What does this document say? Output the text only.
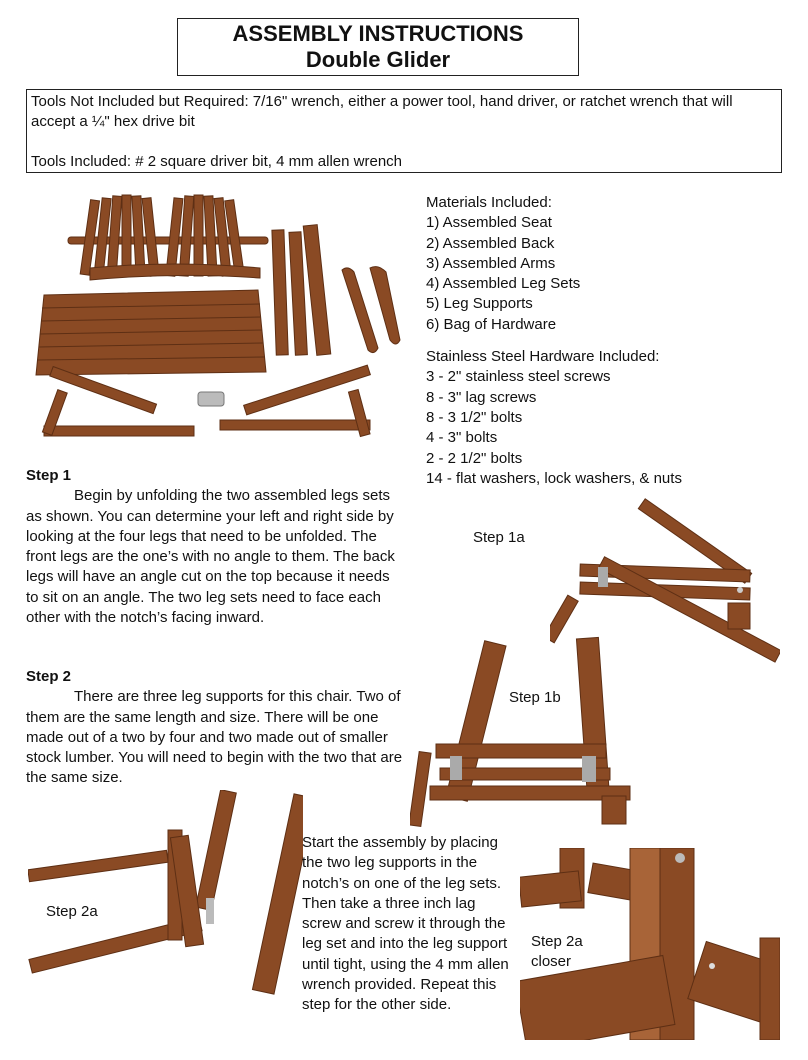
ASSEMBLY INSTRUCTIONS
Double Glider

Tools Not Included but Required: 7/16" wrench, either a power tool, hand driver, or ratchet wrench that will accept a ¼" hex drive bit

Tools Included: # 2 square driver bit, 4 mm allen wrench

Materials Included:
1) Assembled Seat
2) Assembled Back
3) Assembled Arms
4) Assembled Leg Sets
5) Leg Supports
6) Bag of Hardware
Stainless Steel Hardware Included:
3 - 2" stainless steel screws
8 - 3" lag screws
8 - 3 1/2" bolts
4 - 3" bolts
2 - 2 1/2" bolts
14 - flat washers, lock washers, & nuts
Step 1
Begin by unfolding the two assembled legs sets as shown. You can determine your left and right side by looking at the four legs that need to be unfolded. The front legs are the one’s with no angle to them. The back legs will have an angle cut on the top because it needs to sit on an angle. The two leg sets need to face each other with the notch’s facing inward.
Step 2
There are three leg supports for this chair. Two of them are the same length and size. There will be one made out of a two by four and two made out of smaller stock lumber. You will need to begin with the two that are the same size.
Step 1a
Step 1b
Step 2a
Start the assembly by placing the two leg supports in the notch’s on one of the leg sets. Then take a three inch lag screw and screw it through the leg set and into the leg support until tight, using the 4 mm allen wrench provided. Repeat this step for the other side.
Step 2a
closer
